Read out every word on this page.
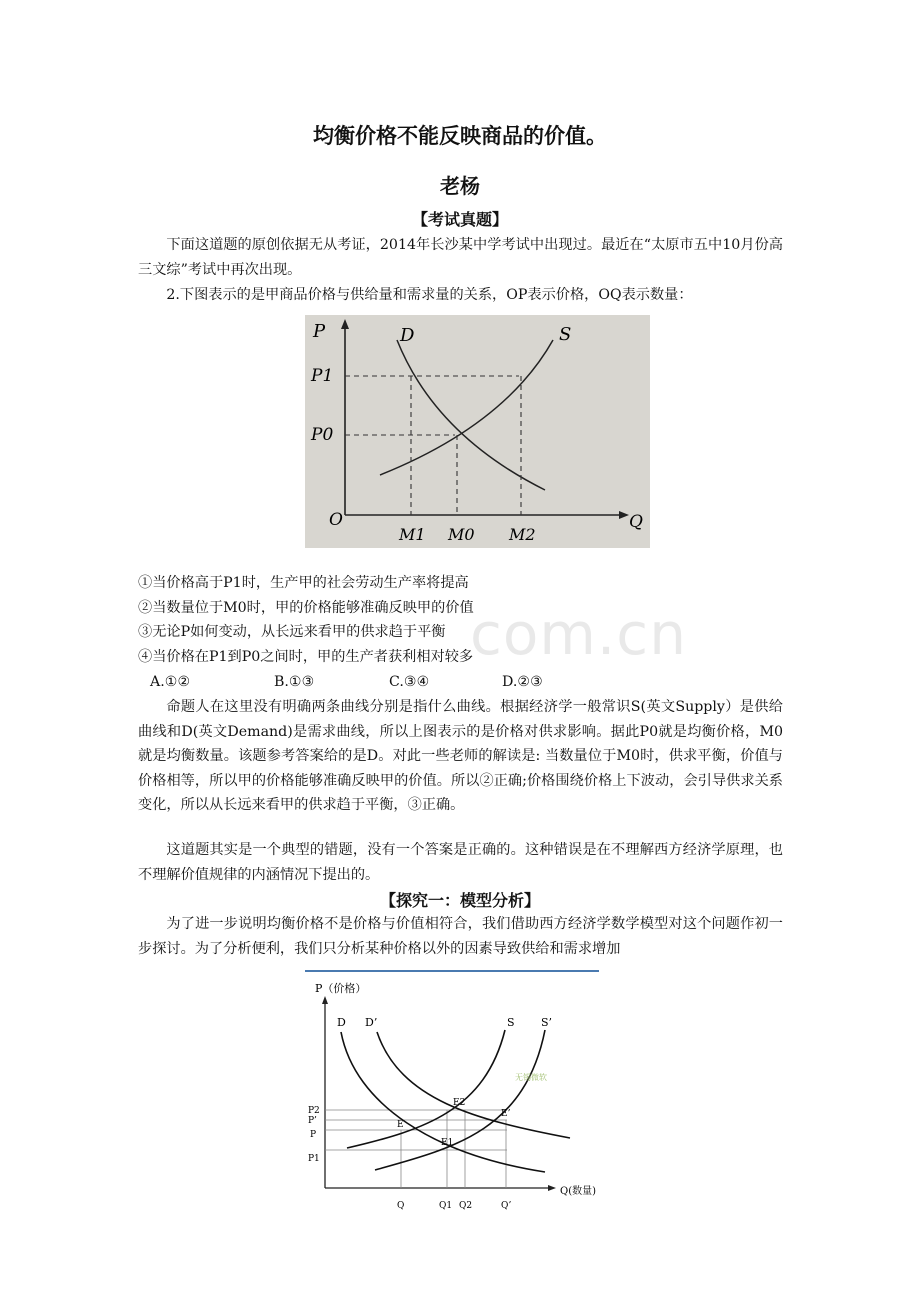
com.cn
均衡价格不能反映商品的价值。
老杨
【考试真题】
下面这道题的原创依据无从考证，2014年长沙某中学考试中出现过。最近在“太原市五中10月份高三文综”考试中再次出现。
2.下图表示的是甲商品价格与供给量和需求量的关系，OP表示价格，OQ表示数量：
P	D	S
P1
P0
O	Q
M1 M0 M2
①当价格高于P1时，生产甲的社会劳动生产率将提高
②当数量位于M0时，甲的价格能够准确反映甲的价值
③无论P如何变动，从长远来看甲的供求趋于平衡
④当价格在P1到P0之间时，甲的生产者获利相对较多
A.①②	B.①③	C.③④	D.②③
命题人在这里没有明确两条曲线分别是指什么曲线。根据经济学一般常识S(英文Supply）是供给曲线和D(英文Demand)是需求曲线，所以上图表示的是价格对供求影响。据此P0就是均衡价格，M0就是均衡数量。该题参考答案给的是D。对此一些老师的解读是: 当数量位于M0时，供求平衡，价值与价格相等，所以甲的价格能够准确反映甲的价值。所以②正确;价格围绕价格上下波动，会引导供求关系变化，所以从长远来看甲的供求趋于平衡，③正确。
这道题其实是一个典型的错题，没有一个答案是正确的。这种错误是在不理解西方经济学原理，也不理解价值规律的内涵情况下提出的。
【探究一：模型分析】
为了进一步说明均衡价格不是价格与价值相符合，我们借助西方经济学数学模型对这个问题作初一步探讨。为了分析便利，我们只分析某种价格以外的因素导致供给和需求增加
P（价格）
D D’	S S’
无锡微软
P2
P’
P
P1
E
E1
E2
E’
Q(数量)
Q	Q1 Q2	Q’
